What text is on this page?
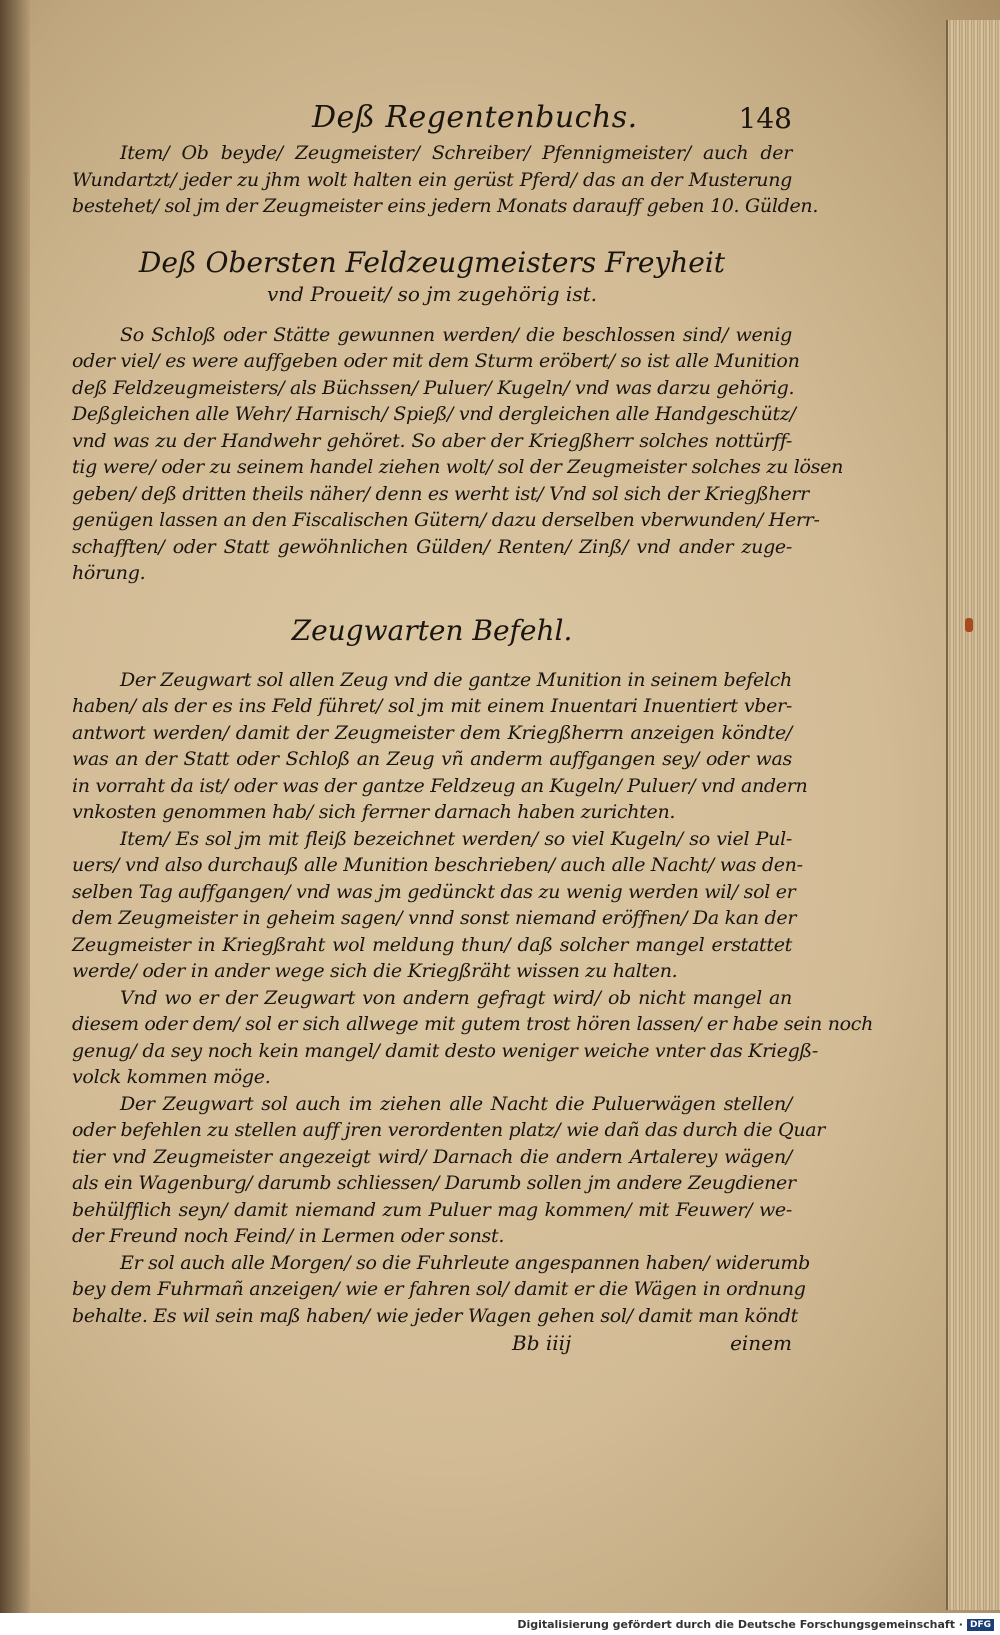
Deß Regentenbuchs.	148
Item/ Ob beyde/ Zeugmeister/ Schreiber/ Pfennigmeister/ auch der
Wundartzt/ jeder zu jhm wolt halten ein gerüst Pferd/ das an der Musterung
bestehet/ sol jm der Zeugmeister eins jedern Monats darauff geben 10. Gülden.
Deß Obersten Feldzeugmeisters Freyheit
vnd Proueit/ so jm zugehörig ist.
So Schloß oder Stätte gewunnen werden/ die beschlossen sind/ wenig
oder viel/ es were auffgeben oder mit dem Sturm eröbert/ so ist alle Munition
deß Feldzeugmeisters/ als Büchssen/ Puluer/ Kugeln/ vnd was darzu gehörig.
Deßgleichen alle Wehr/ Harnisch/ Spieß/ vnd dergleichen alle Handgeschütz/
vnd was zu der Handwehr gehöret. So aber der Kriegßherr solches nottürff-
tig were/ oder zu seinem handel ziehen wolt/ sol der Zeugmeister solches zu lösen
geben/ deß dritten theils näher/ denn es werht ist/ Vnd sol sich der Kriegßherr
genügen lassen an den Fiscalischen Gütern/ dazu derselben vberwunden/ Herr-
schafften/ oder Statt gewöhnlichen Gülden/ Renten/ Zinß/ vnd ander zuge-
hörung.
Zeugwarten Befehl.
Der Zeugwart sol allen Zeug vnd die gantze Munition in seinem befelch
haben/ als der es ins Feld führet/ sol jm mit einem Inuentari Inuentiert vber-
antwort werden/ damit der Zeugmeister dem Kriegßherrn anzeigen köndte/
was an der Statt oder Schloß an Zeug vñ anderm auffgangen sey/ oder was
in vorraht da ist/ oder was der gantze Feldzeug an Kugeln/ Puluer/ vnd andern
vnkosten genommen hab/ sich ferrner darnach haben zurichten.
Item/ Es sol jm mit fleiß bezeichnet werden/ so viel Kugeln/ so viel Pul-
uers/ vnd also durchauß alle Munition beschrieben/ auch alle Nacht/ was den-
selben Tag auffgangen/ vnd was jm gedünckt das zu wenig werden wil/ sol er
dem Zeugmeister in geheim sagen/ vnnd sonst niemand eröffnen/ Da kan der
Zeugmeister in Kriegßraht wol meldung thun/ daß solcher mangel erstattet
werde/ oder in ander wege sich die Kriegßräht wissen zu halten.
Vnd wo er der Zeugwart von andern gefragt wird/ ob nicht mangel an
diesem oder dem/ sol er sich allwege mit gutem trost hören lassen/ er habe sein noch
genug/ da sey noch kein mangel/ damit desto weniger weiche vnter das Kriegß-
volck kommen möge.
Der Zeugwart sol auch im ziehen alle Nacht die Puluerwägen stellen/
oder befehlen zu stellen auff jren verordenten platz/ wie dañ das durch die Quar
tier vnd Zeugmeister angezeigt wird/ Darnach die andern Artalerey wägen/
als ein Wagenburg/ darumb schliessen/ Darumb sollen jm andere Zeugdiener
behülfflich seyn/ damit niemand zum Puluer mag kommen/ mit Feuwer/ we-
der Freund noch Feind/ in Lermen oder sonst.
Er sol auch alle Morgen/ so die Fuhrleute angespannen haben/ widerumb
bey dem Fuhrmañ anzeigen/ wie er fahren sol/ damit er die Wägen in ordnung
behalte. Es wil sein maß haben/ wie jeder Wagen gehen sol/ damit man köndt
Bb iiij	einem
Digitalisierung gefördert durch die Deutsche Forschungsgemeinschaft · DFG
